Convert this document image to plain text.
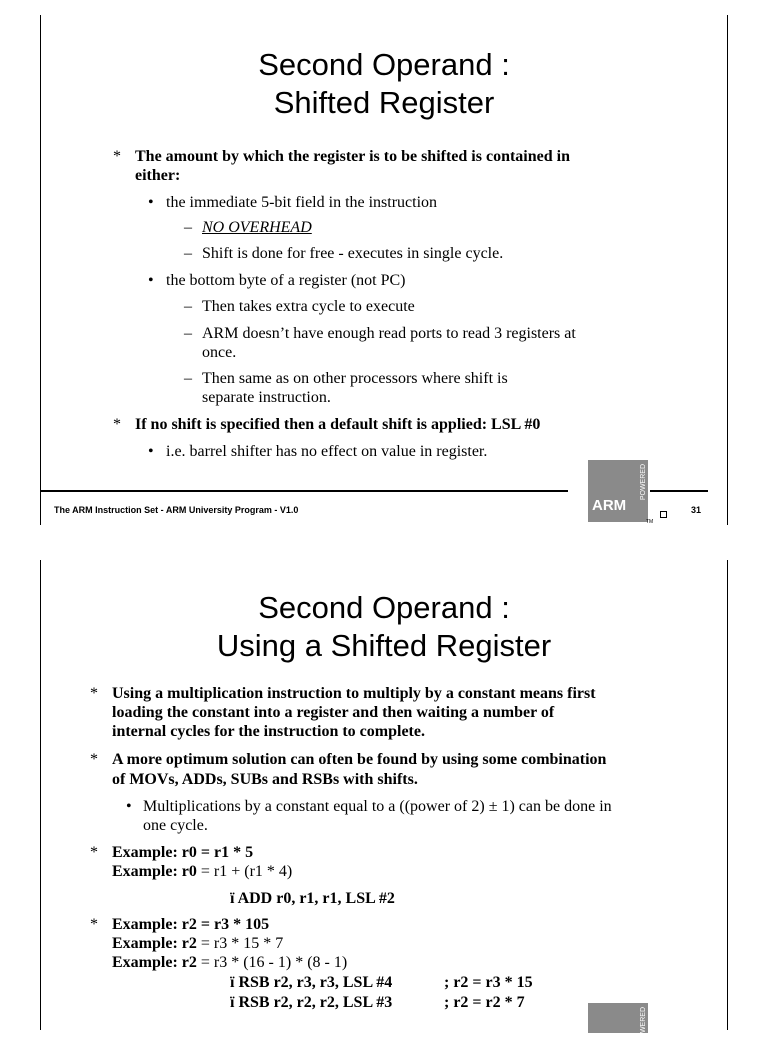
Second Operand :
Shifted Register
* The amount by which the register is to be shifted is contained in
either:
• the immediate 5-bit field in the instruction
– NO OVERHEAD
– Shift is done for free - executes in single cycle.
• the bottom byte of a register (not PC)
– Then takes extra cycle to execute
– ARM doesn’t have enough read ports to read 3 registers at
once.
– Then same as on other processors where shift is
separate instruction.
* If no shift is specified then a default shift is applied: LSL #0
• i.e. barrel shifter has no effect on value in register.
ARM
POWERED
TM
The ARM Instruction Set - ARM University Program - V1.0	31
Second Operand :
Using a Shifted Register
* Using a multiplication instruction to multiply by a constant means first
loading the constant into a register and then waiting a number of
internal cycles for the instruction to complete.
* A more optimum solution can often be found by using some combination
of MOVs, ADDs, SUBs and RSBs with shifts.
• Multiplications by a constant equal to a ((power of 2) ± 1) can be done in
one cycle.
* Example: r0 = r1 * 5
Example: r0 = r1 + (r1 * 4)
ï ADD r0, r1, r1, LSL #2
* Example: r2 = r3 * 105
Example: r2 = r3 * 15 * 7
Example: r2 = r3 * (16 - 1) * (8 - 1)
ï RSB r2, r3, r3, LSL #4	; r2 = r3 * 15
ï RSB r2, r2, r2, LSL #3	; r2 = r2 * 7
POWERED
